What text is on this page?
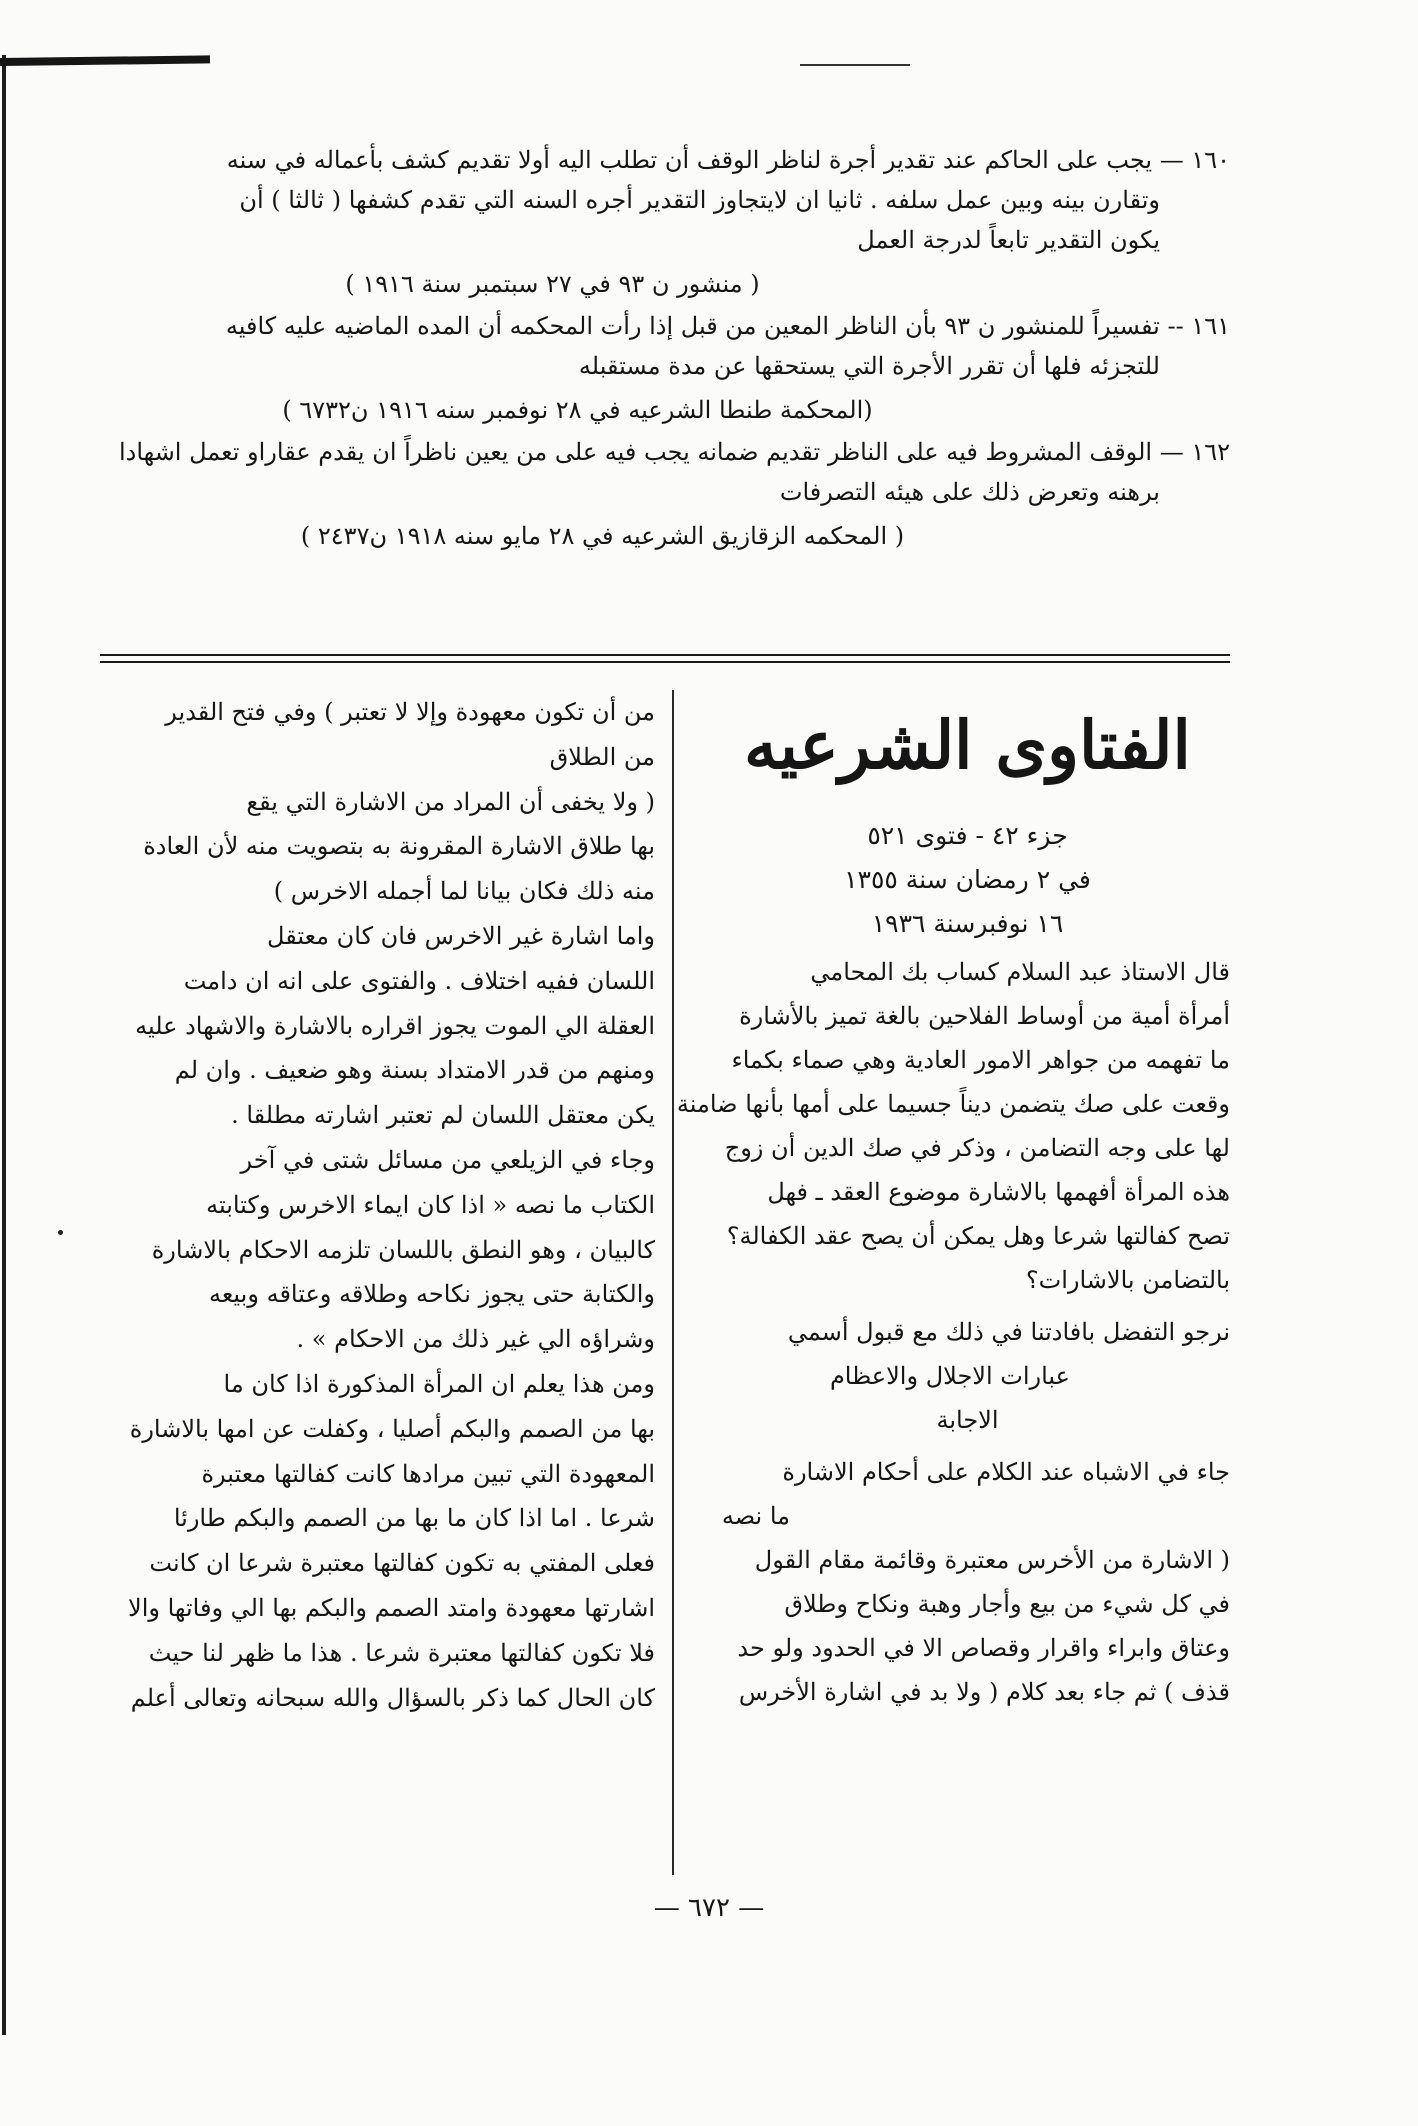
١٦٠ — يجب على الحاكم عند تقدير أجرة لناظر الوقف أن تطلب اليه أولا تقديم كشف بأعماله في سنه
وتقارن بينه وبين عمل سلفه . ثانيا ان لايتجاوز التقدير أجره السنه التي تقدم كشفها ( ثالثا ) أن
يكون التقدير تابعاً لدرجة العمل
( منشور ن ٩٣ في ٢٧ سبتمبر سنة ١٩١٦ )
١٦١ -- تفسيراً للمنشور ن ٩٣ بأن الناظر المعين من قبل إذا رأت المحكمه أن المده الماضيه عليه كافيه
للتجزئه فلها أن تقرر الأجرة التي يستحقها عن مدة مستقبله
(المحكمة طنطا الشرعيه في ٢٨ نوفمبر سنه ١٩١٦ ن٦٧٣٢ )
١٦٢ — الوقف المشروط فيه على الناظر تقديم ضمانه يجب فيه على من يعين ناظراً ان يقدم عقاراو تعمل اشهادا
برهنه وتعرض ذلك على هيئه التصرفات
( المحكمه الزقازيق الشرعيه في ٢٨ مايو سنه ١٩١٨ ن٢٤٣٧ )
الفتاوى الشرعيه
جزء ٤٢ - فتوى ٥٢١
في ٢ رمضان سنة ١٣٥٥
١٦ نوفبرسنة ١٩٣٦
قال الاستاذ عبد السلام كساب بك المحامي
أمرأة أمية من أوساط الفلاحين بالغة تميز بالأشارة
ما تفهمه من جواهر الامور العادية وهي صماء بكماء
وقعت على صك يتضمن ديناً جسيما على أمها بأنها ضامنة
لها على وجه التضامن ، وذكر في صك الدين أن زوج
هذه المرأة أفهمها بالاشارة موضوع العقد ـ فهل
تصح كفالتها شرعا وهل يمكن أن يصح عقد الكفالة؟
بالتضامن بالاشارات؟
نرجو التفضل بافادتنا في ذلك مع قبول أسمي
عبارات الاجلال والاعظام
الاجابة
جاء في الاشباه عند الكلام على أحكام الاشارة
ما نصه
( الاشارة من الأخرس معتبرة وقائمة مقام القول
في كل شيء من بيع وأجار وهبة ونكاح وطلاق
وعتاق وابراء واقرار وقصاص الا في الحدود ولو حد
قذف ) ثم جاء بعد كلام ( ولا بد في اشارة الأخرس
من أن تكون معهودة وإلا لا تعتبر ) وفي فتح القدير
من الطلاق
( ولا يخفى أن المراد من الاشارة التي يقع
بها طلاق الاشارة المقرونة به بتصويت منه لأن العادة
منه ذلك فكان بيانا لما أجمله الاخرس )
واما اشارة غير الاخرس فان كان معتقل
اللسان ففيه اختلاف . والفتوى على انه ان دامت
العقلة الي الموت يجوز اقراره بالاشارة والاشهاد عليه
ومنهم من قدر الامتداد بسنة وهو ضعيف . وان لم
يكن معتقل اللسان لم تعتبر اشارته مطلقا .
وجاء في الزيلعي من مسائل شتى في آخر
الكتاب ما نصه « اذا كان ايماء الاخرس وكتابته
كالبيان ، وهو النطق باللسان تلزمه الاحكام بالاشارة
والكتابة حتى يجوز نكاحه وطلاقه وعتاقه وبيعه
وشراؤه الي غير ذلك من الاحكام » .
ومن هذا يعلم ان المرأة المذكورة اذا كان ما
بها من الصمم والبكم أصليا ، وكفلت عن امها بالاشارة
المعهودة التي تبين مرادها كانت كفالتها معتبرة
شرعا . اما اذا كان ما بها من الصمم والبكم طارئا
فعلى المفتي به تكون كفالتها معتبرة شرعا ان كانت
اشارتها معهودة وامتد الصمم والبكم بها الي وفاتها والا
فلا تكون كفالتها معتبرة شرعا . هذا ما ظهر لنا حيث
كان الحال كما ذكر بالسؤال والله سبحانه وتعالى أعلم
— ٦٧٢ —
